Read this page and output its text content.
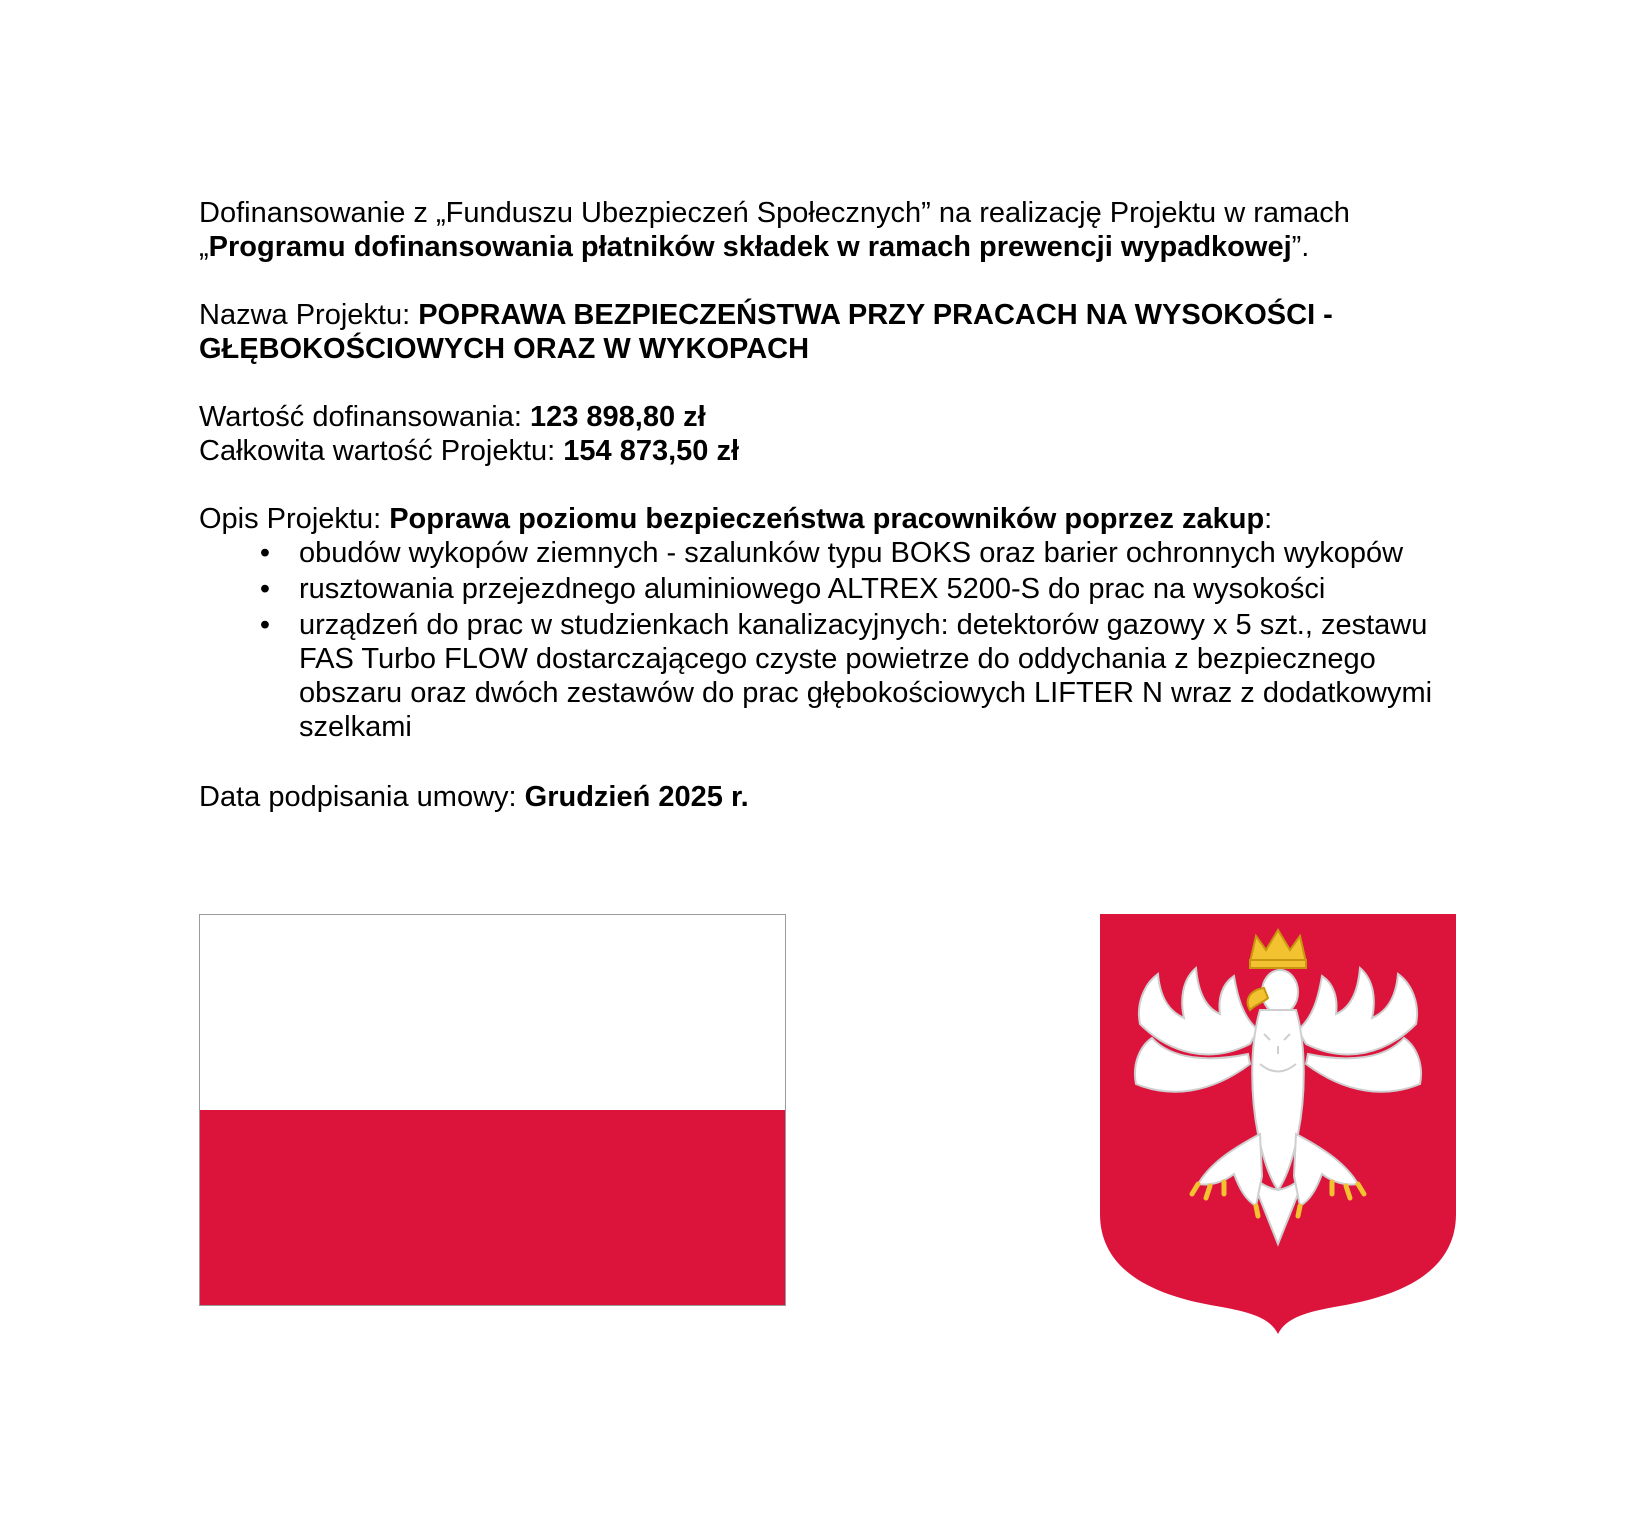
Dofinansowanie z „Funduszu Ubezpieczeń Społecznych” na realizację Projektu w ramach
„Programu dofinansowania płatników składek w ramach prewencji wypadkowej”.

Nazwa Projektu: POPRAWA BEZPIECZEŃSTWA PRZY PRACACH NA WYSOKOŚCI - GŁĘBOKOŚCIOWYCH ORAZ W WYKOPACH

Wartość dofinansowania: 123 898,80 zł

Całkowita wartość Projektu: 154 873,50 zł

Opis Projektu: Poprawa poziomu bezpieczeństwa pracowników poprzez zakup:

• obudów wykopów ziemnych - szalunków typu BOKS oraz barier ochronnych wykopów
• rusztowania przejezdnego aluminiowego ALTREX 5200-S do prac na wysokości
• urządzeń do prac w studzienkach kanalizacyjnych: detektorów gazowy x 5 szt., zestawu FAS Turbo FLOW dostarczającego czyste powietrze do oddychania z bezpiecznego obszaru oraz dwóch zestawów do prac głębokościowych LIFTER N wraz z dodatkowymi szelkami

Data podpisania umowy: Grudzień 2025 r.
